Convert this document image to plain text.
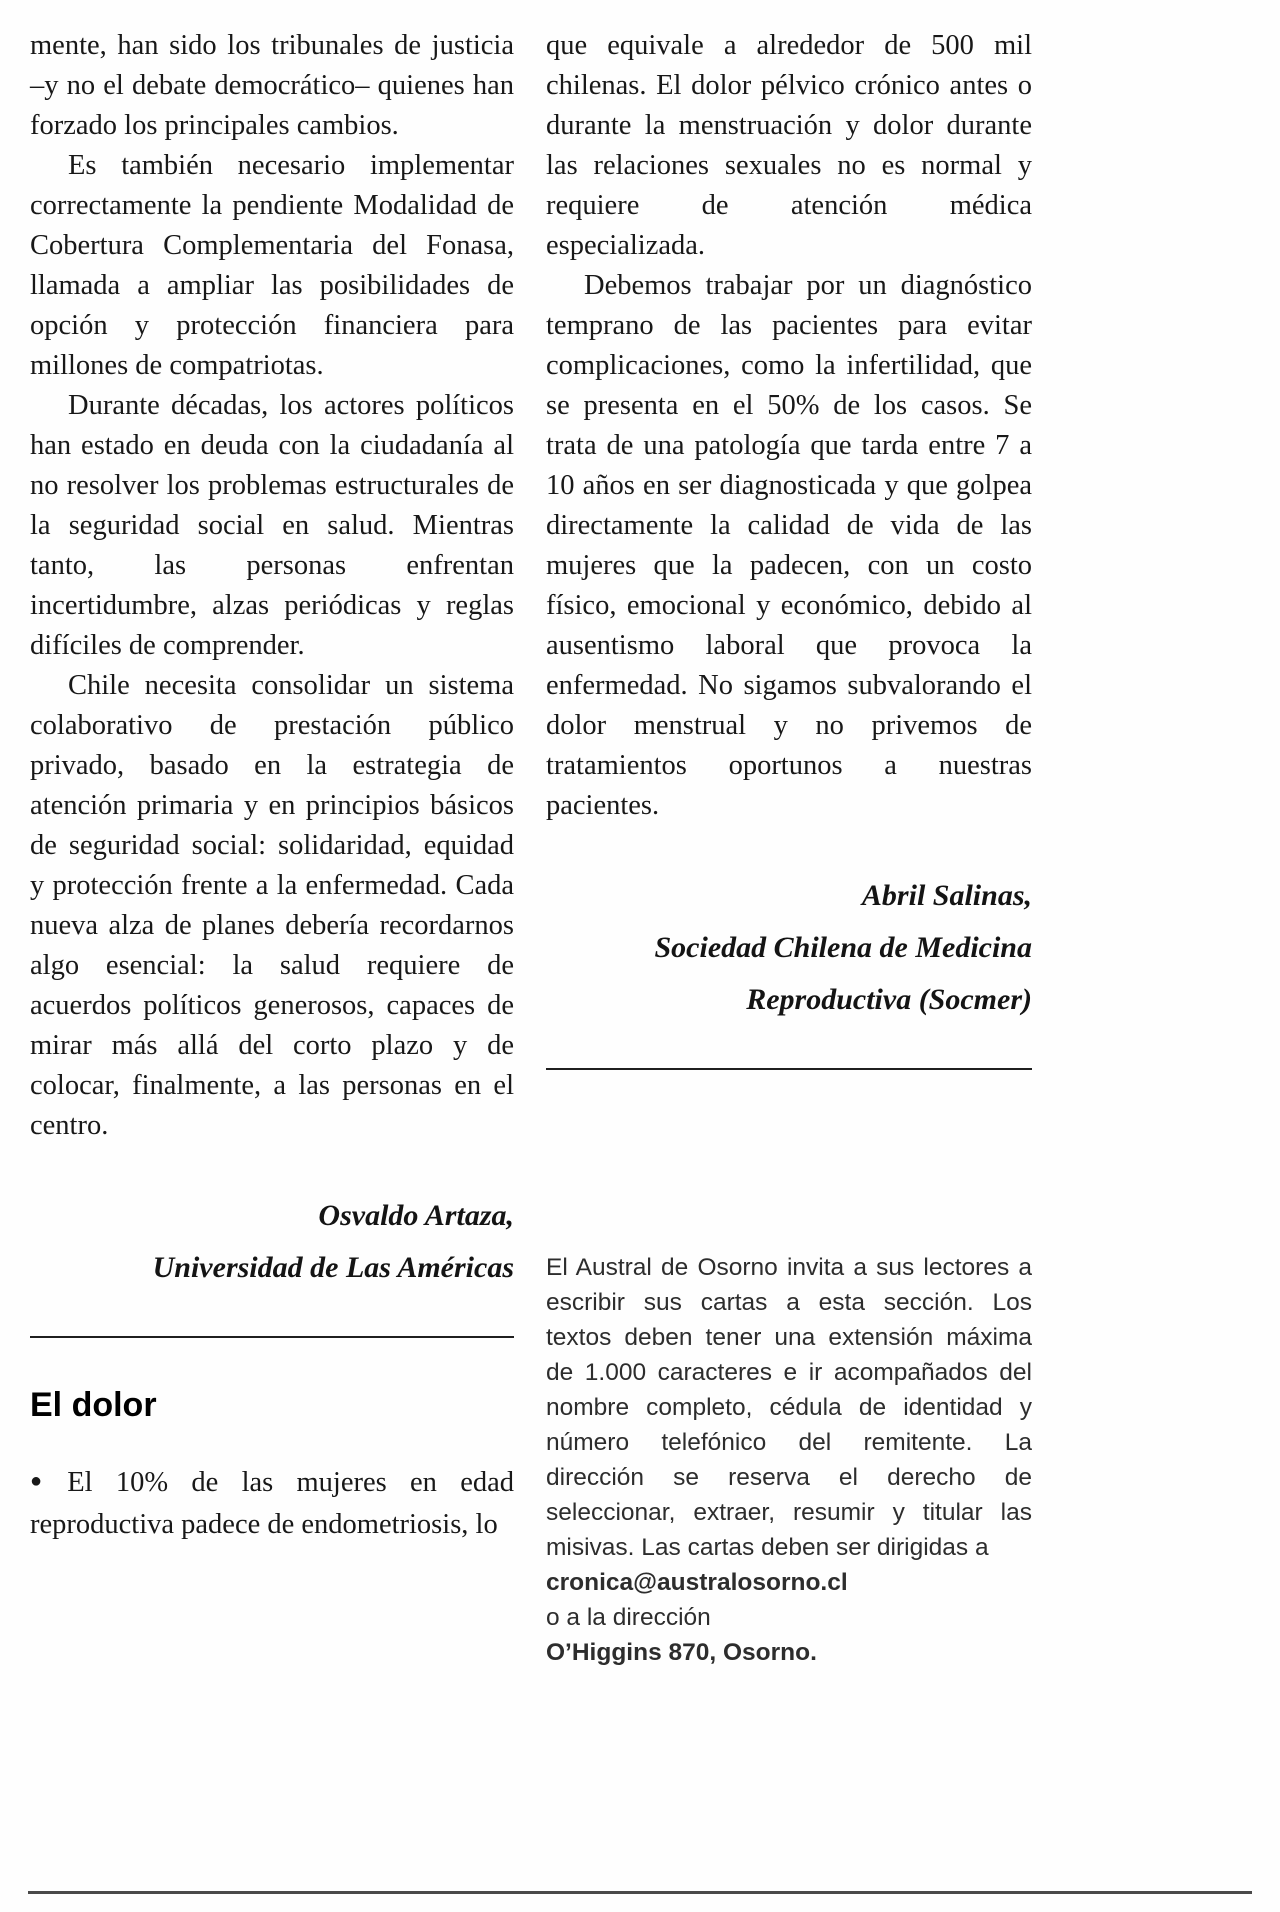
mente, han sido los tribunales de justicia –y no el debate democrático– quienes han forzado los principales cambios.

Es también necesario implementar correctamente la pendiente Modalidad de Cobertura Complementaria del Fonasa, llamada a ampliar las posibilidades de opción y protección financiera para millones de compatriotas.

Durante décadas, los actores políticos han estado en deuda con la ciudadanía al no resolver los problemas estructurales de la seguridad social en salud. Mientras tanto, las personas enfrentan incertidumbre, alzas periódicas y reglas difíciles de comprender.

Chile necesita consolidar un sistema colaborativo de prestación público privado, basado en la estrategia de atención primaria y en principios básicos de seguridad social: solidaridad, equidad y protección frente a la enfermedad. Cada nueva alza de planes debería recordarnos algo esencial: la salud requiere de acuerdos políticos generosos, capaces de mirar más allá del corto plazo y de colocar, finalmente, a las personas en el centro.

Osvaldo Artaza,
Universidad de Las Américas
El dolor

● El 10% de las mujeres en edad reproductiva padece de endometriosis, lo

que equivale a alrededor de 500 mil chilenas. El dolor pélvico crónico antes o durante la menstruación y dolor durante las relaciones sexuales no es normal y requiere de atención médica especializada.

Debemos trabajar por un diagnóstico temprano de las pacientes para evitar complicaciones, como la infertilidad, que se presenta en el 50% de los casos. Se trata de una patología que tarda entre 7 a 10 años en ser diagnosticada y que golpea directamente la calidad de vida de las mujeres que la padecen, con un costo físico, emocional y económico, debido al ausentismo laboral que provoca la enfermedad. No sigamos subvalorando el dolor menstrual y no privemos de tratamientos oportunos a nuestras pacientes.

Abril Salinas,
Sociedad Chilena de Medicina
Reproductiva (Socmer)
El Austral de Osorno invita a sus lectores a escribir sus cartas a esta sección. Los textos deben tener una extensión máxima de 1.000 caracteres e ir acompañados del nombre completo, cédula de identidad y número telefónico del remitente. La dirección se reserva el derecho de seleccionar, extraer, resumir y titular las misivas. Las cartas deben ser dirigidas a
cronica@australosorno.cl
o a la dirección
O’Higgins 870, Osorno.
